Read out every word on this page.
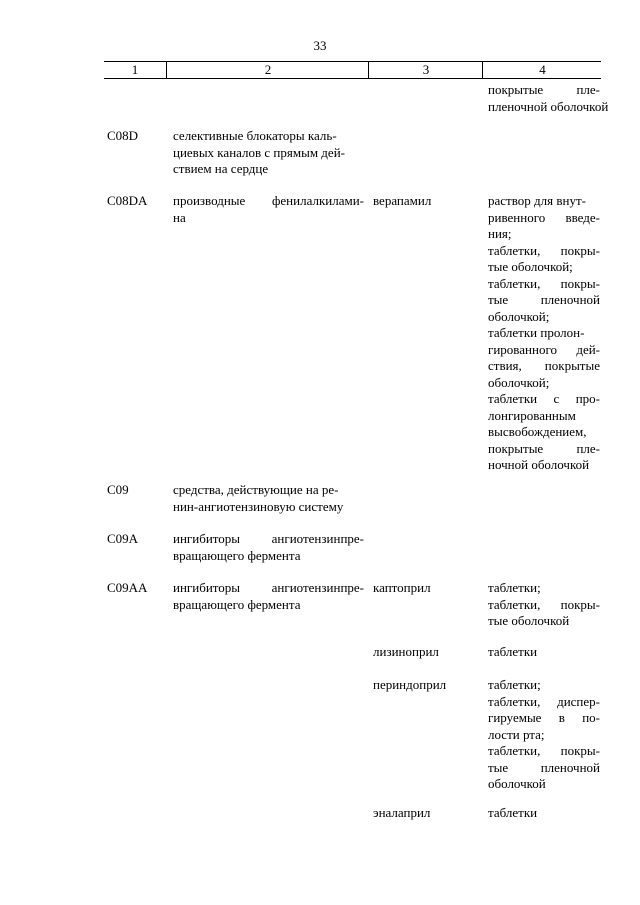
33
1	2	3	4
покрытые	пле-
пленочной оболочкой
C08D	селективные блокаторы каль-
циевых каналов с прямым дей-
ствием на сердце
C08DA	производные фенилалкилами-
на
верапамил	раствор для внут-
ривенного введе-
ния;
таблетки, покры-
тые оболочкой;
таблетки, покры-
тые	пленочной
оболочкой;
таблетки пролон-
гированного дей-
ствия, покрытые
оболочкой;
таблетки с про-
лонгированным
высвобождением,
покрытые	пле-
ночной оболочкой
C09	средства, действующие на ре-
нин-ангиотензиновую систему
C09A	ингибиторы ангиотензинпре-
вращающего фермента
C09AA	ингибиторы ангиотензинпре-
вращающего фермента
каптоприл	таблетки;
таблетки, покры-
тые оболочкой
лизиноприл	таблетки
периндоприл	таблетки;
таблетки, диспер-
гируемые в по-
лости рта;
таблетки, покры-
тые	пленочной
оболочкой
эналаприл	таблетки
